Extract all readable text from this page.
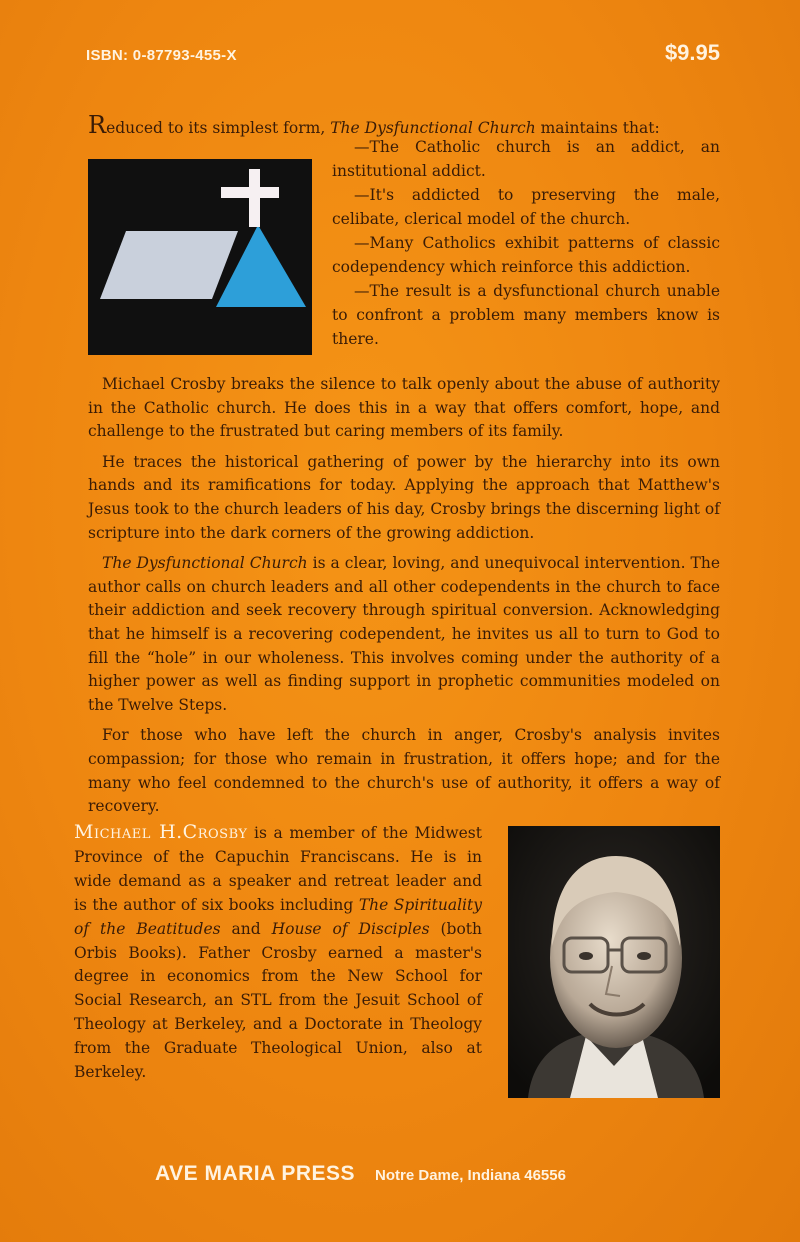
ISBN: 0-87793-455-X	$9.95
Reduced to its simplest form, The Dysfunctional Church maintains that:

—The Catholic church is an addict, an institutional addict.

—It's addicted to preserving the male, celibate, clerical model of the church.

—Many Catholics exhibit patterns of classic codependency which reinforce this addiction.

—The result is a dysfunctional church unable to confront a problem many members know is there.

Michael Crosby breaks the silence to talk openly about the abuse of authority in the Catholic church. He does this in a way that offers comfort, hope, and challenge to the frustrated but caring members of its family.

He traces the historical gathering of power by the hierarchy into its own hands and its ramifications for today. Applying the approach that Matthew's Jesus took to the church leaders of his day, Crosby brings the discerning light of scripture into the dark corners of the growing addiction.

The Dysfunctional Church is a clear, loving, and unequivocal intervention. The author calls on church leaders and all other codependents in the church to face their addiction and seek recovery through spiritual conversion. Acknowledging that he himself is a recovering codependent, he invites us all to turn to God to fill the “hole” in our wholeness. This involves coming under the authority of a higher power as well as finding support in prophetic communities modeled on the Twelve Steps.

For those who have left the church in anger, Crosby's analysis invites compassion; for those who remain in frustration, it offers hope; and for the many who feel condemned to the church's use of authority, it offers a way of recovery.

Michael H.Crosby is a member of the Midwest Province of the Capuchin Franciscans. He is in wide demand as a speaker and retreat leader and is the author of six books including The Spirituality of the Beatitudes and House of Disciples (both Orbis Books). Father Crosby earned a master's degree in economics from the New School for Social Research, an STL from the Jesuit School of Theology at Berkeley, and a Doctorate in Theology from the Graduate Theological Union, also at Berkeley.
AVE MARIA PRESS Notre Dame, Indiana 46556
